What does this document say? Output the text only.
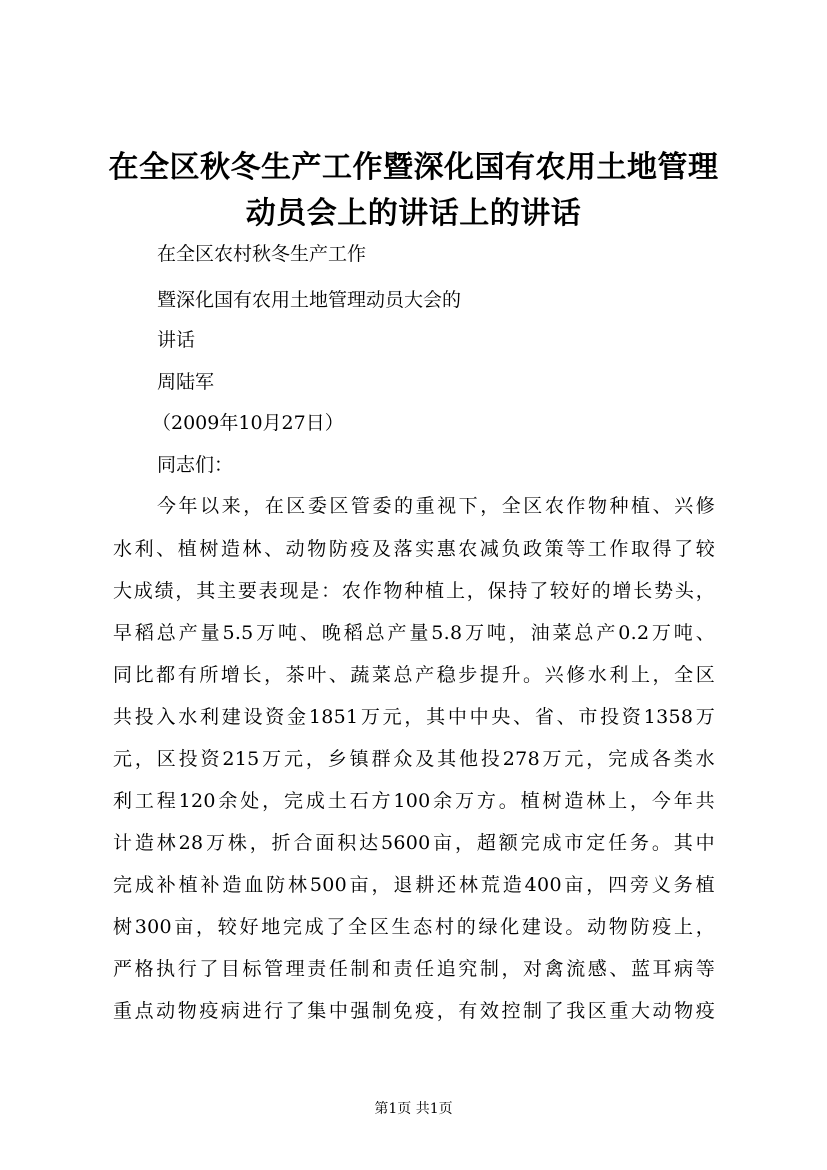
在全区秋冬生产工作暨深化国有农用土地管理
动员会上的讲话上的讲话

在全区农村秋冬生产工作

暨深化国有农用土地管理动员大会的

讲话

周陆军

（2009年10月27日）

同志们：

今年以来，在区委区管委的重视下，全区农作物种植、兴修

水利、植树造林、动物防疫及落实惠农减负政策等工作取得了较

大成绩，其主要表现是：农作物种植上，保持了较好的增长势头，

早稻总产量5.5万吨、晚稻总产量5.8万吨，油菜总产0.2万吨、

同比都有所增长，茶叶、蔬菜总产稳步提升。兴修水利上，全区

共投入水利建设资金1851万元，其中中央、省、市投资1358万

元，区投资215万元，乡镇群众及其他投278万元，完成各类水

利工程120余处，完成土石方100余万方。植树造林上，今年共

计造林28万株，折合面积达5600亩，超额完成市定任务。其中

完成补植补造血防林500亩，退耕还林荒造400亩，四旁义务植

树300亩，较好地完成了全区生态村的绿化建设。动物防疫上，

严格执行了目标管理责任制和责任追究制，对禽流感、蓝耳病等

重点动物疫病进行了集中强制免疫，有效控制了我区重大动物疫

第1页 共1页
